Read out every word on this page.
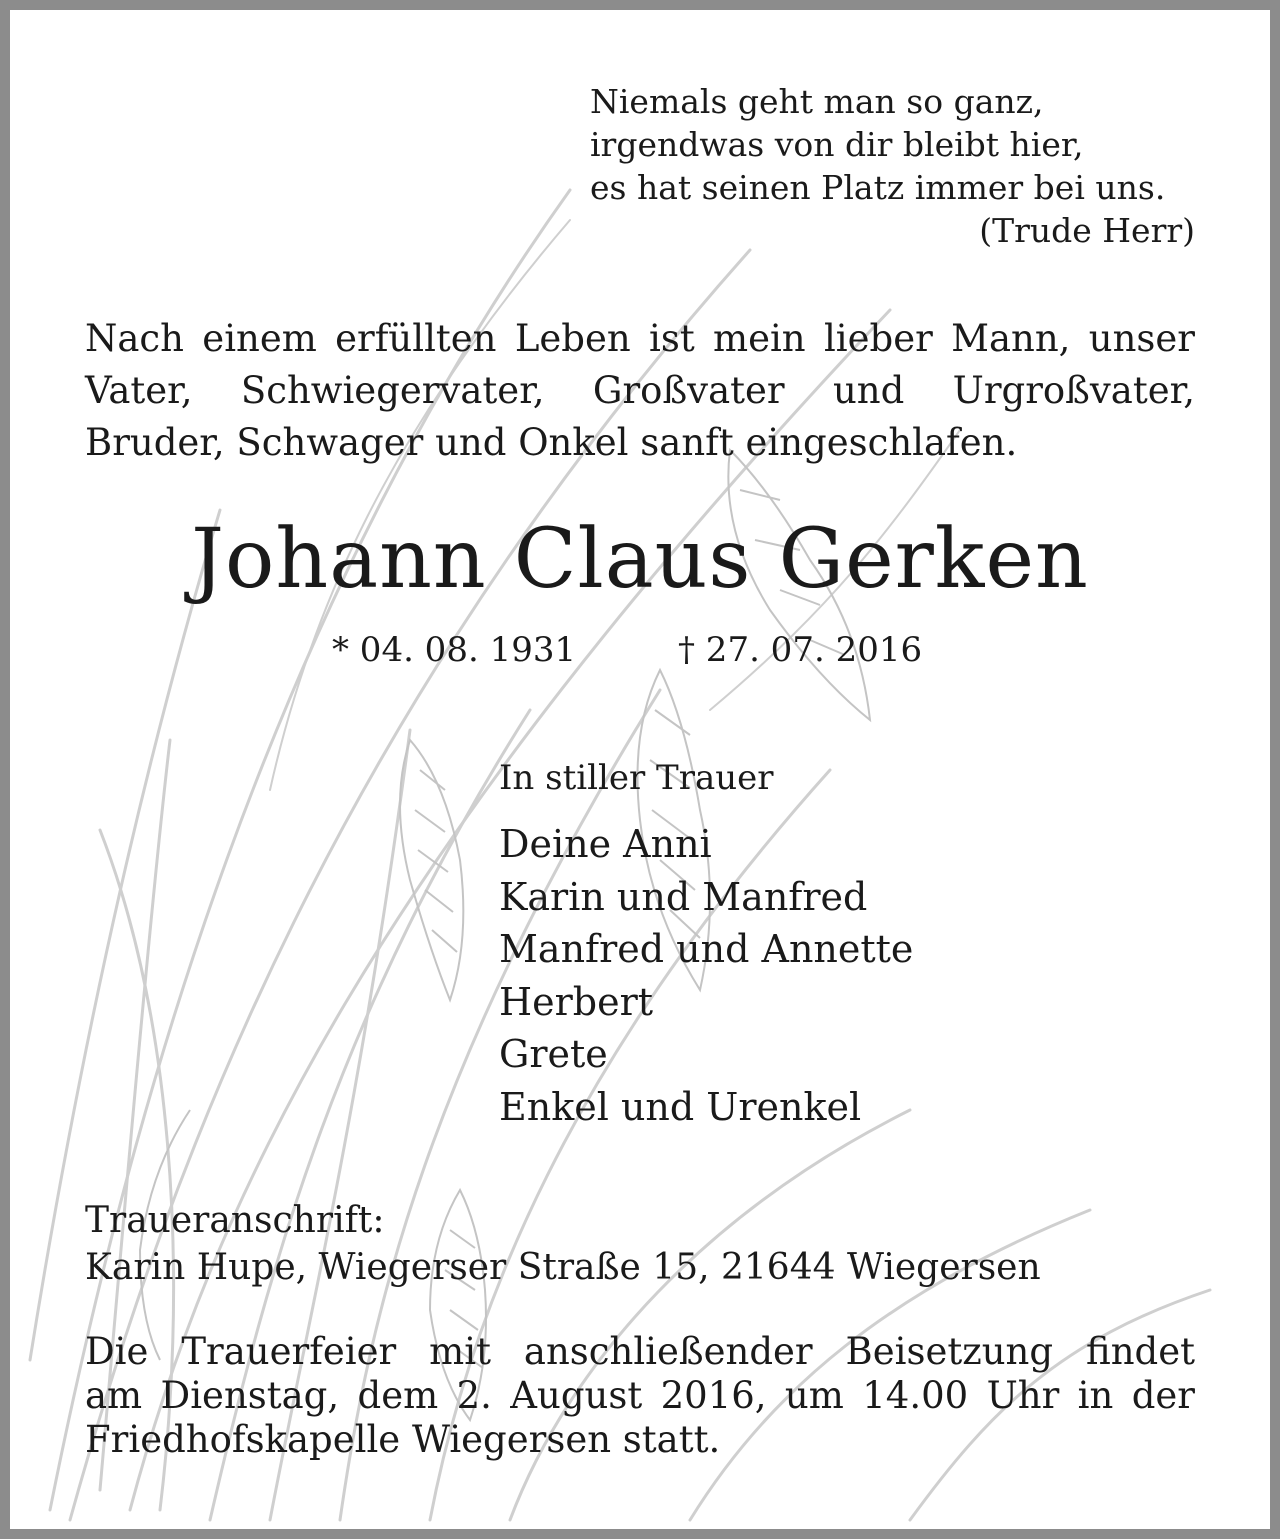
Niemals geht man so ganz,
irgendwas von dir bleibt hier,
es hat seinen Platz immer bei uns.
(Trude Herr)
Nach einem erfüllten Leben ist mein lieber Mann, unser
Vater, Schwiegervater, Großvater und Urgroßvater,
Bruder, Schwager und Onkel sanft eingeschlafen.
Johann Claus Gerken
* 04. 08. 1931	† 27. 07. 2016
In stiller Trauer
Deine Anni
Karin und Manfred
Manfred und Annette
Herbert
Grete
Enkel und Urenkel
Traueranschrift:
Karin Hupe, Wiegerser Straße 15, 21644 Wiegersen
Die Trauerfeier mit anschließender Beisetzung findet
am Dienstag, dem 2. August 2016, um 14.00 Uhr in der
Friedhofskapelle Wiegersen statt.
